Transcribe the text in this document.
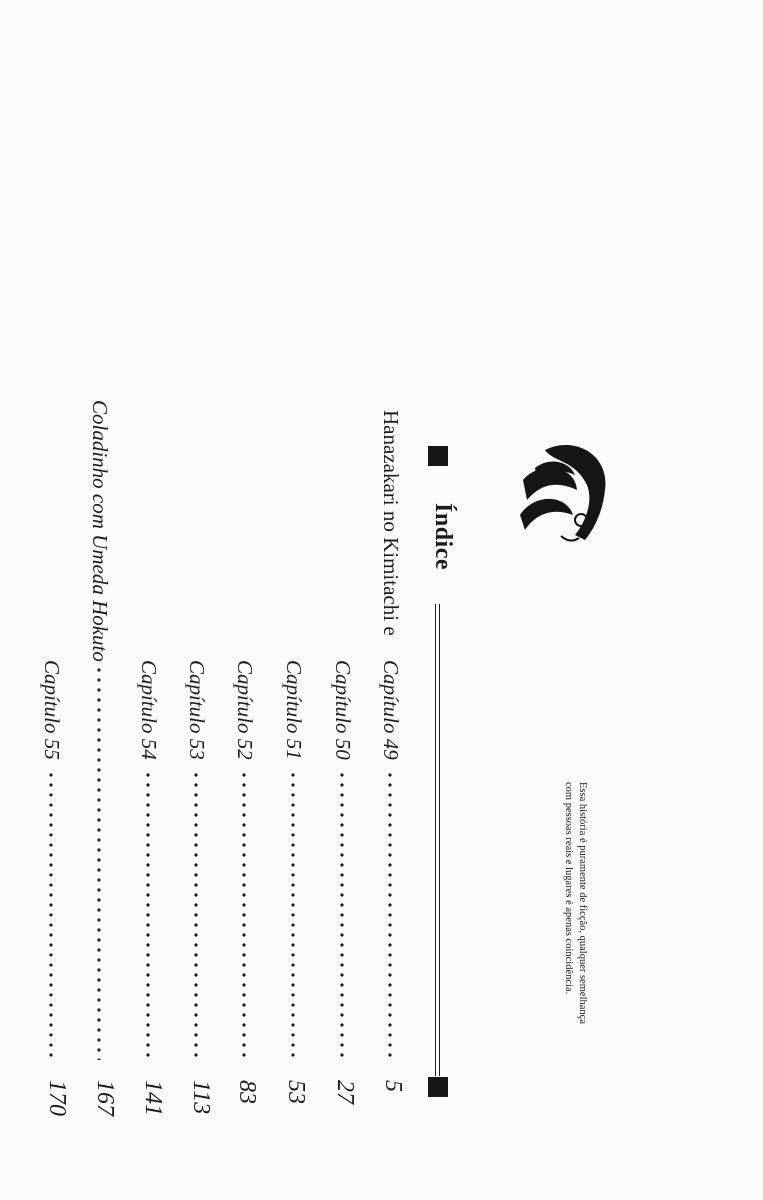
Índice
Essa história é puramente de ficção, qualquer semelhança
com pessoas reais e lugares é apenas coincidência.
Hanazakari no Kimitachi e
Capítulo 49
5
Capítulo 50
27
Capítulo 51
53
Capítulo 52
83
Capítulo 53
113
Capítulo 54
141
Coladinho com Umeda Hokuto
167
Capítulo 55
170
